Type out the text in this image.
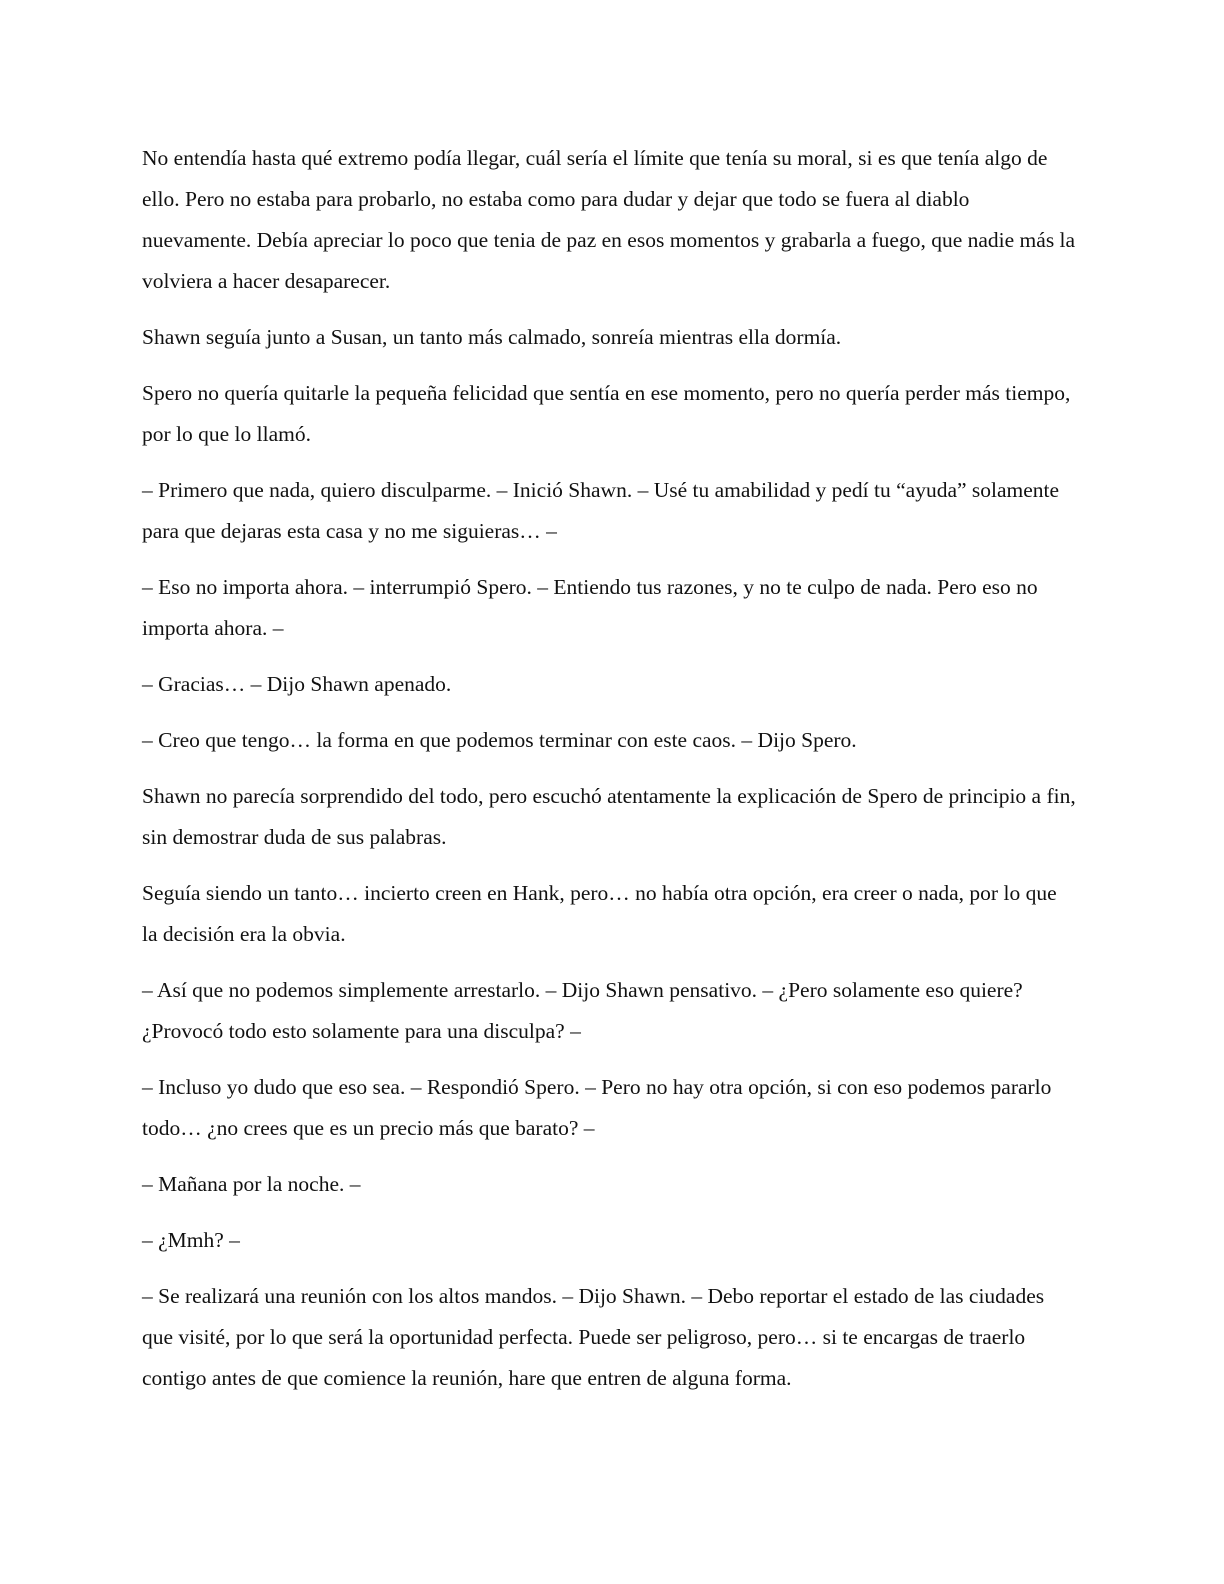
No entendía hasta qué extremo podía llegar, cuál sería el límite que tenía su moral, si es que tenía algo de ello. Pero no estaba para probarlo, no estaba como para dudar y dejar que todo se fuera al diablo nuevamente. Debía apreciar lo poco que tenia de paz en esos momentos y grabarla a fuego, que nadie más la volviera a hacer desaparecer.

Shawn seguía junto a Susan, un tanto más calmado, sonreía mientras ella dormía.

Spero no quería quitarle la pequeña felicidad que sentía en ese momento, pero no quería perder más tiempo, por lo que lo llamó.

– Primero que nada, quiero disculparme. – Inició Shawn. – Usé tu amabilidad y pedí tu “ayuda” solamente para que dejaras esta casa y no me siguieras… –

– Eso no importa ahora. – interrumpió Spero. – Entiendo tus razones, y no te culpo de nada. Pero eso no importa ahora. –

– Gracias… – Dijo Shawn apenado.

– Creo que tengo… la forma en que podemos terminar con este caos. – Dijo Spero.

Shawn no parecía sorprendido del todo, pero escuchó atentamente la explicación de Spero de principio a fin, sin demostrar duda de sus palabras.

Seguía siendo un tanto… incierto creen en Hank, pero… no había otra opción, era creer o nada, por lo que la decisión era la obvia.

– Así que no podemos simplemente arrestarlo. – Dijo Shawn pensativo. – ¿Pero solamente eso quiere? ¿Provocó todo esto solamente para una disculpa? –

– Incluso yo dudo que eso sea. – Respondió Spero. – Pero no hay otra opción, si con eso podemos pararlo todo… ¿no crees que es un precio más que barato? –

– Mañana por la noche. –

– ¿Mmh? –

– Se realizará una reunión con los altos mandos. – Dijo Shawn. – Debo reportar el estado de las ciudades que visité, por lo que será la oportunidad perfecta. Puede ser peligroso, pero… si te encargas de traerlo contigo antes de que comience la reunión, hare que entren de alguna forma.
